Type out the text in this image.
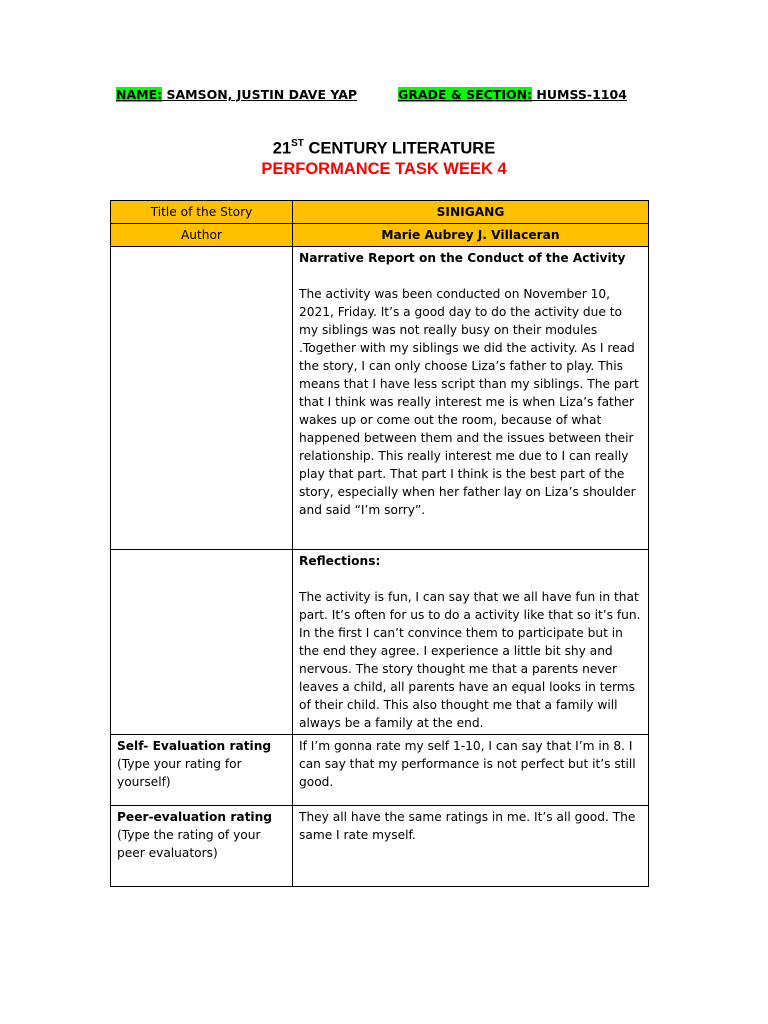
NAME: SAMSON, JUSTIN DAVE YAP	GRADE & SECTION: HUMSS-1104
21ST CENTURY LITERATURE
PERFORMANCE TASK WEEK 4
Title of the Story	SINIGANG
Author	Marie Aubrey J. Villaceran

	Narrative Report on the Conduct of the Activity

The activity was been conducted on November 10, 2021, Friday. It’s a good day to do the activity due to my siblings was not really busy on their modules .Together with my siblings we did the activity. As I read the story, I can only choose Liza’s father to play. This means that I have less script than my siblings. The part that I think was really interest me is when Liza’s father wakes up or come out the room, because of what happened between them and the issues between their relationship. This really interest me due to I can really play that part. That part I think is the best part of the story, especially when her father lay on Liza’s shoulder and said “I’m sorry”.

	Reflections:

The activity is fun, I can say that we all have fun in that part. It’s often for us to do a activity like that so it’s fun. In the first I can’t convince them to participate but in the end they agree. I experience a little bit shy and nervous. The story thought me that a parents never leaves a child, all parents have an equal looks in terms of their child. This also thought me that a family will always be a family at the end.

Self- Evaluation rating

(Type your rating for yourself)	If I’m gonna rate my self 1-10, I can say that I’m in 8. I can say that my performance is not perfect but it’s still good.

Peer-evaluation rating

(Type the rating of your peer evaluators)	They all have the same ratings in me. It’s all good. The same I rate myself.
